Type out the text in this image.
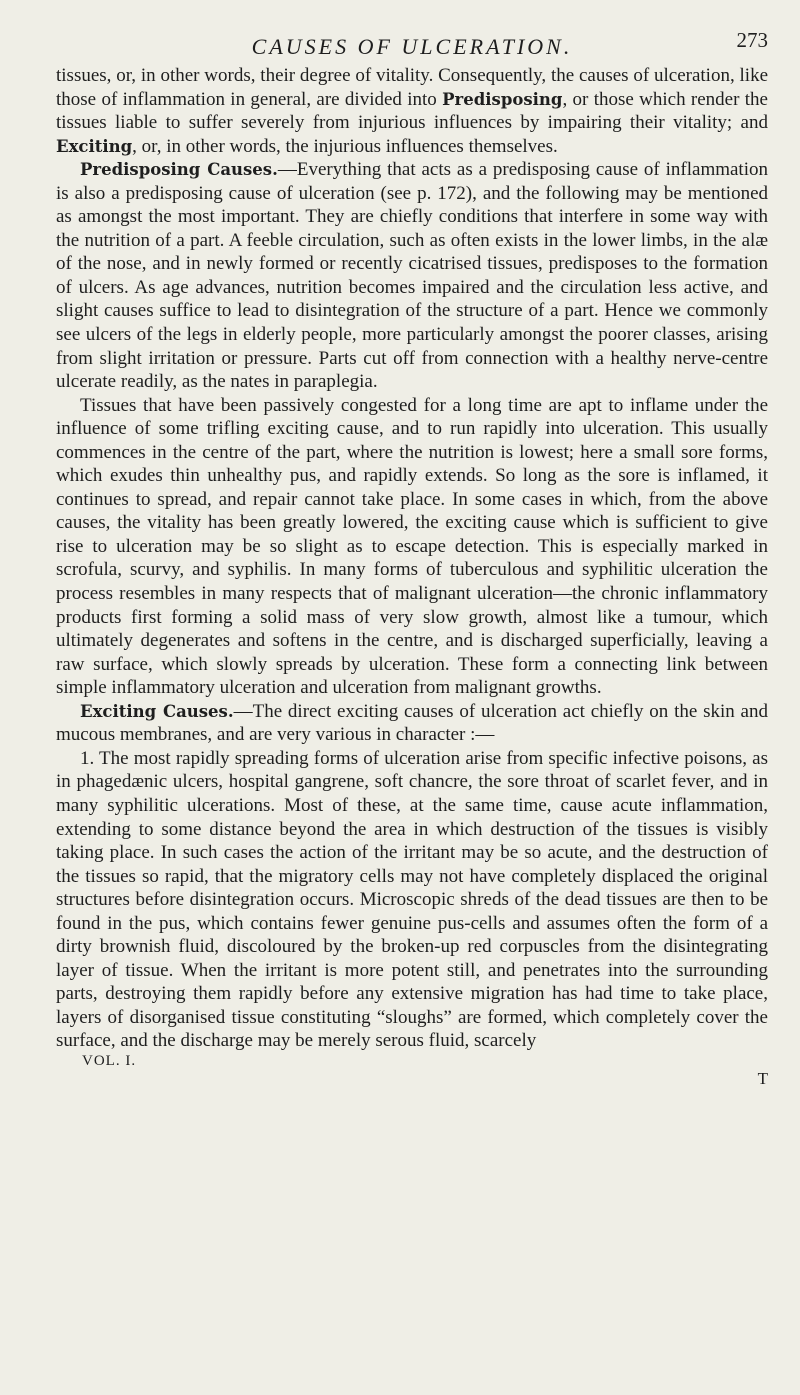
CAUSES OF ULCERATION.	273

tissues, or, in other words, their degree of vitality. Consequently, the causes of ulceration, like those of inflammation in general, are divided into Predisposing, or those which render the tissues liable to suffer severely from injurious influences by impairing their vitality; and Exciting, or, in other words, the injurious influences themselves.

Predisposing Causes.—Everything that acts as a predisposing cause of inflammation is also a predisposing cause of ulceration (see p. 172), and the following may be mentioned as amongst the most important. They are chiefly conditions that interfere in some way with the nutrition of a part. A feeble circulation, such as often exists in the lower limbs, in the alæ of the nose, and in newly formed or recently cicatrised tissues, predisposes to the formation of ulcers. As age advances, nutrition becomes impaired and the circulation less active, and slight causes suffice to lead to disintegration of the structure of a part. Hence we commonly see ulcers of the legs in elderly people, more particularly amongst the poorer classes, arising from slight irritation or pressure. Parts cut off from connection with a healthy nerve-centre ulcerate readily, as the nates in paraplegia.

Tissues that have been passively congested for a long time are apt to inflame under the influence of some trifling exciting cause, and to run rapidly into ulceration. This usually commences in the centre of the part, where the nutrition is lowest; here a small sore forms, which exudes thin unhealthy pus, and rapidly extends. So long as the sore is inflamed, it continues to spread, and repair cannot take place. In some cases in which, from the above causes, the vitality has been greatly lowered, the exciting cause which is sufficient to give rise to ulceration may be so slight as to escape detection. This is especially marked in scrofula, scurvy, and syphilis. In many forms of tuberculous and syphilitic ulceration the process resembles in many respects that of malignant ulceration—the chronic inflammatory products first forming a solid mass of very slow growth, almost like a tumour, which ultimately degenerates and softens in the centre, and is discharged superficially, leaving a raw surface, which slowly spreads by ulceration. These form a connecting link between simple inflammatory ulceration and ulceration from malignant growths.

Exciting Causes.—The direct exciting causes of ulceration act chiefly on the skin and mucous membranes, and are very various in character :—

1. The most rapidly spreading forms of ulceration arise from specific infective poisons, as in phagedænic ulcers, hospital gangrene, soft chancre, the sore throat of scarlet fever, and in many syphilitic ulcerations. Most of these, at the same time, cause acute inflammation, extending to some distance beyond the area in which destruction of the tissues is visibly taking place. In such cases the action of the irritant may be so acute, and the destruction of the tissues so rapid, that the migratory cells may not have completely displaced the original structures before disintegration occurs. Microscopic shreds of the dead tissues are then to be found in the pus, which contains fewer genuine pus-cells and assumes often the form of a dirty brownish fluid, discoloured by the broken-up red corpuscles from the disintegrating layer of tissue. When the irritant is more potent still, and penetrates into the surrounding parts, destroying them rapidly before any extensive migration has had time to take place, layers of disorganised tissue constituting “sloughs” are formed, which completely cover the surface, and the discharge may be merely serous fluid, scarcely

VOL. I.
T
